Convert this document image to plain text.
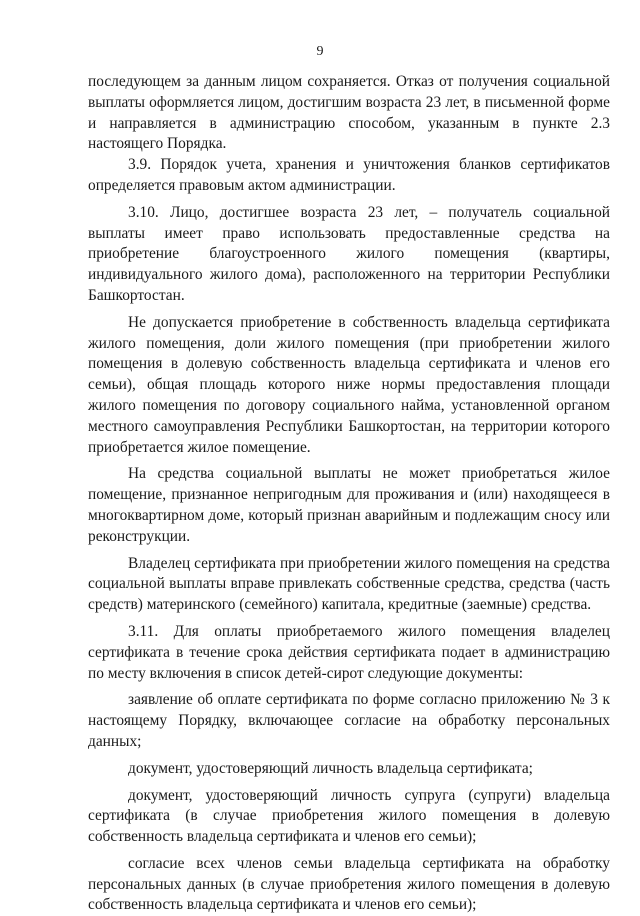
9

последующем за данным лицом сохраняется. Отказ от получения социальной выплаты оформляется лицом, достигшим возраста 23 лет, в письменной форме и направляется в администрацию способом, указанным в пункте 2.3 настоящего Порядка.

3.9. Порядок учета, хранения и уничтожения бланков сертификатов определяется правовым актом администрации.

3.10. Лицо, достигшее возраста 23 лет, – получатель социальной выплаты имеет право использовать предоставленные средства на приобретение благоустроенного жилого помещения (квартиры, индивидуального жилого дома), расположенного на территории Республики Башкортостан.

Не допускается приобретение в собственность владельца сертификата жилого помещения, доли жилого помещения (при приобретении жилого помещения в долевую собственность владельца сертификата и членов его семьи), общая площадь которого ниже нормы предоставления площади жилого помещения по договору социального найма, установленной органом местного самоуправления Республики Башкортостан, на территории которого приобретается жилое помещение.

На средства социальной выплаты не может приобретаться жилое помещение, признанное непригодным для проживания и (или) находящееся в многоквартирном доме, который признан аварийным и подлежащим сносу или реконструкции.

Владелец сертификата при приобретении жилого помещения на средства социальной выплаты вправе привлекать собственные средства, средства (часть средств) материнского (семейного) капитала, кредитные (заемные) средства.

3.11. Для оплаты приобретаемого жилого помещения владелец сертификата в течение срока действия сертификата подает в администрацию по месту включения в список детей-сирот следующие документы:

заявление об оплате сертификата по форме согласно приложению № 3 к настоящему Порядку, включающее согласие на обработку персональных данных;

документ, удостоверяющий личность владельца сертификата;

документ, удостоверяющий личность супруга (супруги) владельца сертификата (в случае приобретения жилого помещения в долевую собственность владельца сертификата и членов его семьи);

согласие всех членов семьи владельца сертификата на обработку персональных данных (в случае приобретения жилого помещения в долевую собственность владельца сертификата и членов его семьи);
